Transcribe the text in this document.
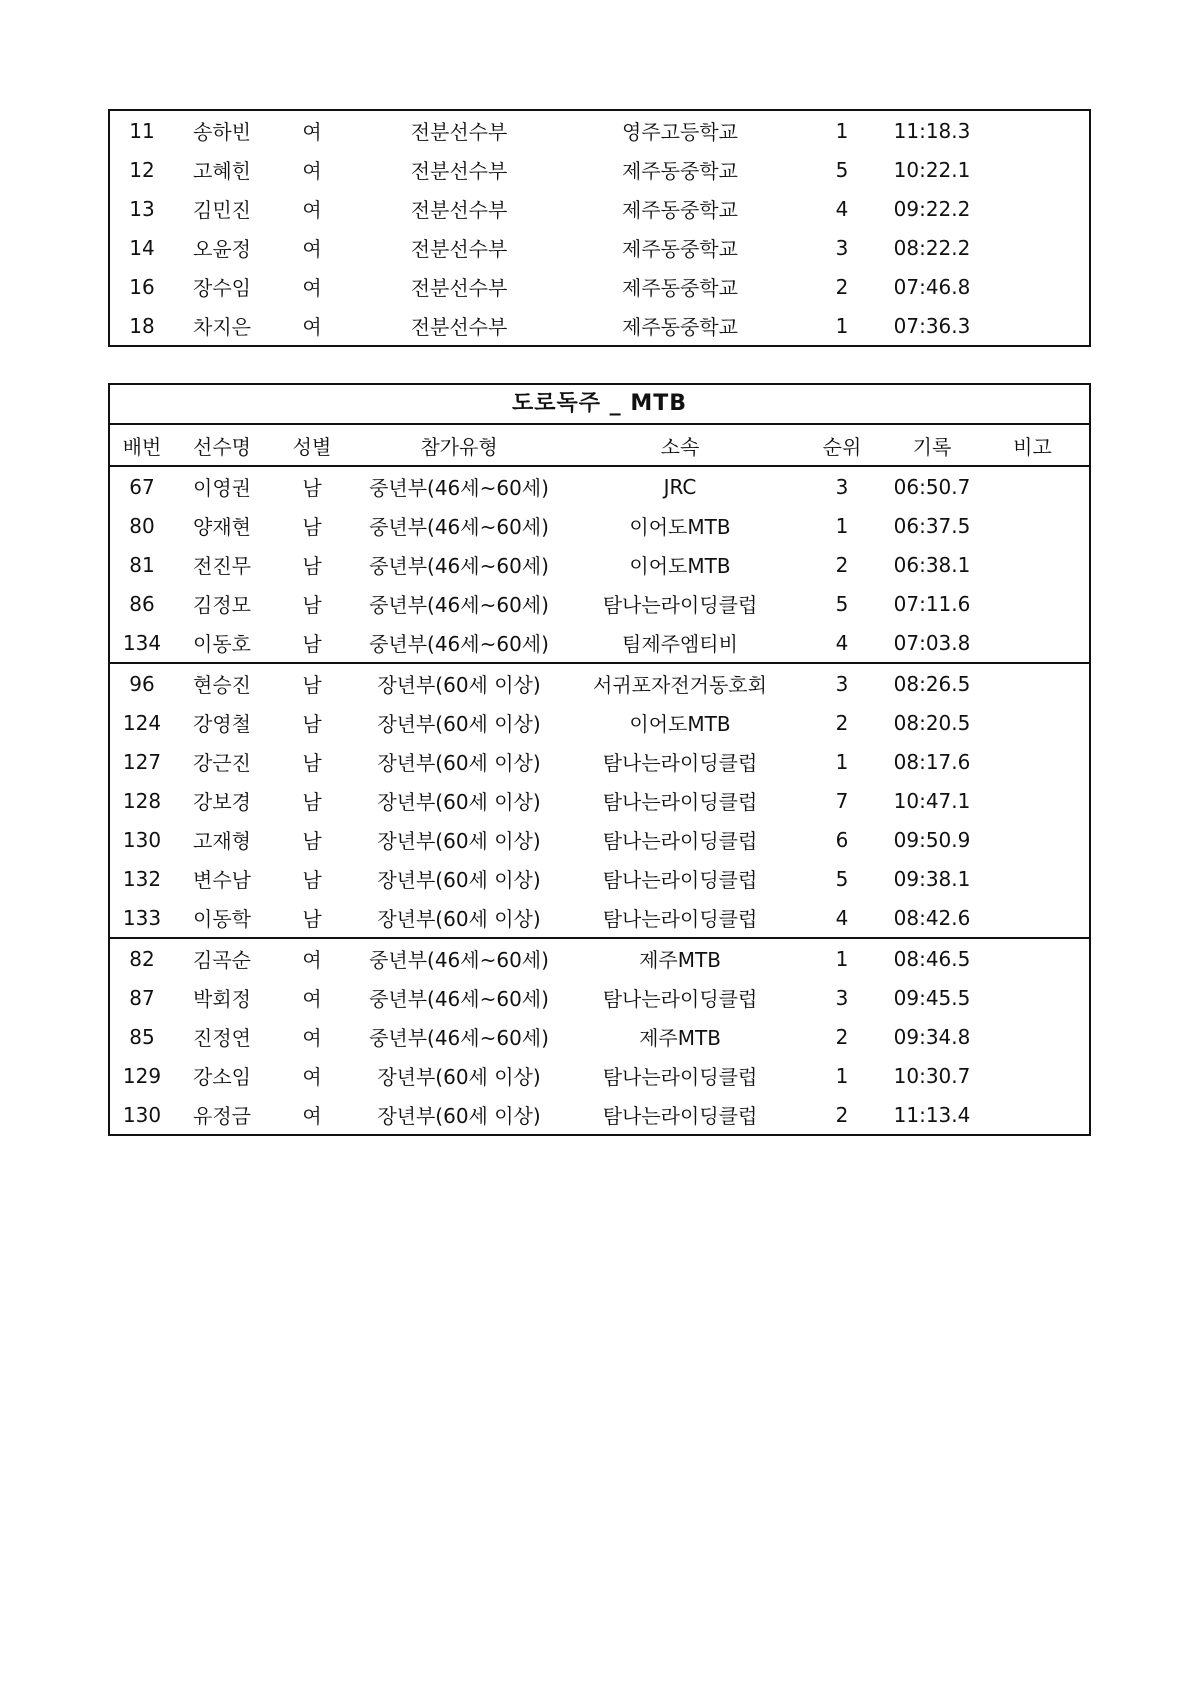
11	송하빈	여	전분선수부	영주고등학교	1	11:18.3	
12	고혜힌	여	전분선수부	제주동중학교	5	10:22.1	
13	김민진	여	전분선수부	제주동중학교	4	09:22.2	
14	오윤정	여	전분선수부	제주동중학교	3	08:22.2	
16	장수임	여	전분선수부	제주동중학교	2	07:46.8	
18	차지은	여	전분선수부	제주동중학교	1	07:36.3	
도로독주 _ MTB
배번	선수명	성별	참가유형	소속	순위	기록	비고
67	이영권	남	중년부(46세~60세)	JRC	3	06:50.7	
80	양재현	남	중년부(46세~60세)	이어도MTB	1	06:37.5	
81	전진무	남	중년부(46세~60세)	이어도MTB	2	06:38.1	
86	김정모	남	중년부(46세~60세)	탐나는라이딩클럽	5	07:11.6	
134	이동호	남	중년부(46세~60세)	팀제주엠티비	4	07:03.8	
96	현승진	남	장년부(60세 이상)	서귀포자전거동호회	3	08:26.5	
124	강영철	남	장년부(60세 이상)	이어도MTB	2	08:20.5	
127	강근진	남	장년부(60세 이상)	탐나는라이딩클럽	1	08:17.6	
128	강보경	남	장년부(60세 이상)	탐나는라이딩클럽	7	10:47.1	
130	고재형	남	장년부(60세 이상)	탐나는라이딩클럽	6	09:50.9	
132	변수남	남	장년부(60세 이상)	탐나는라이딩클럽	5	09:38.1	
133	이동학	남	장년부(60세 이상)	탐나는라이딩클럽	4	08:42.6	
82	김곡순	여	중년부(46세~60세)	제주MTB	1	08:46.5	
87	박회정	여	중년부(46세~60세)	탐나는라이딩클럽	3	09:45.5	
85	진정연	여	중년부(46세~60세)	제주MTB	2	09:34.8	
129	강소임	여	장년부(60세 이상)	탐나는라이딩클럽	1	10:30.7	
130	유정금	여	장년부(60세 이상)	탐나는라이딩클럽	2	11:13.4	
